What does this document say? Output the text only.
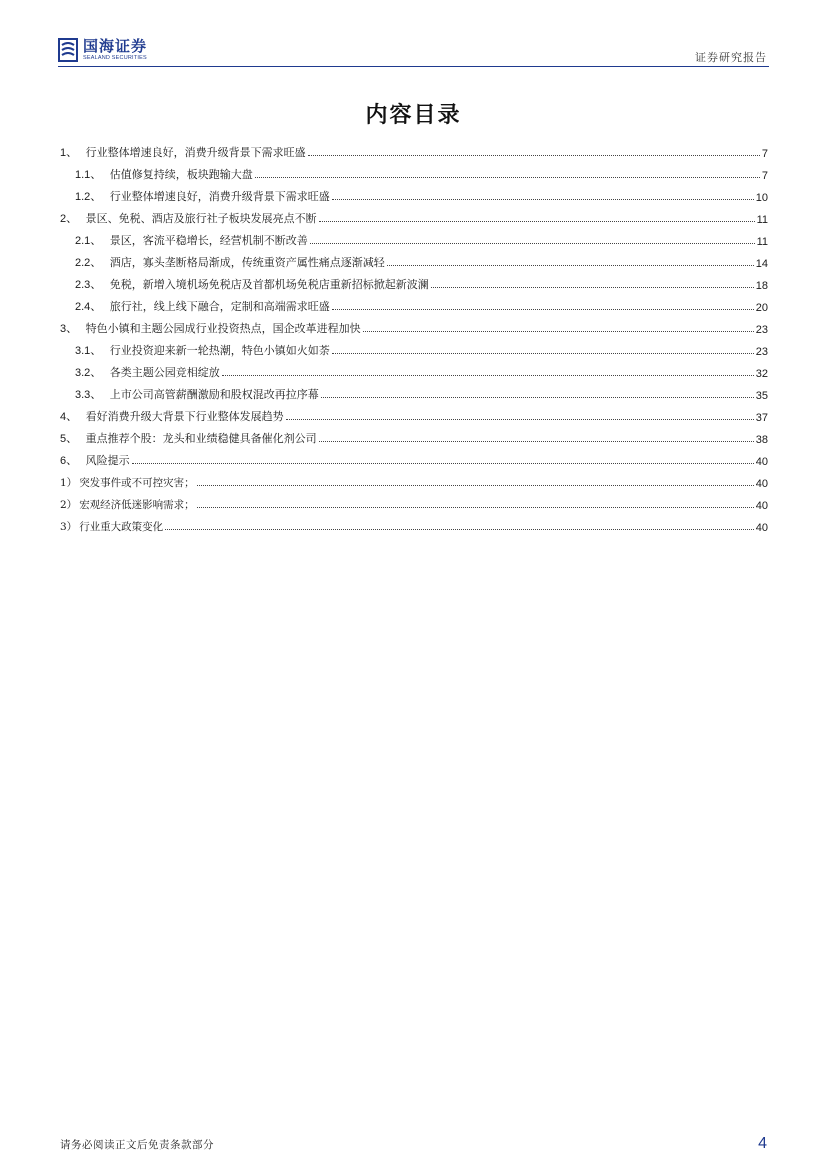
国海证券
SEALAND SECURITIES	证券研究报告
内容目录
1 、 行业整体增速良好，消费升级背景下需求旺盛	7
1.1 、 估值修复持续，板块跑输大盘	7
1.2 、 行业整体增速良好，消费升级背景下需求旺盛	10
2 、 景区、免税、酒店及旅行社子板块发展亮点不断	11
2.1 、 景区，客流平稳增长，经营机制不断改善	11
2.2 、 酒店，寡头垄断格局渐成，传统重资产属性痛点逐渐减轻	14
2.3 、 免税，新增入境机场免税店及首都机场免税店重新招标掀起新波澜	18
2.4 、 旅行社，线上线下融合，定制和高端需求旺盛	20
3 、 特色小镇和主题公园成行业投资热点，国企改革进程加快	23
3.1 、 行业投资迎来新一轮热潮，特色小镇如火如荼	23
3.2 、 各类主题公园竞相绽放	32
3.3 、 上市公司高管薪酬激励和股权混改再拉序幕	35
4 、 看好消费升级大背景下行业整体发展趋势	37
5 、 重点推荐个股：龙头和业绩稳健具备催化剂公司	38
6 、 风险提示	40
1） 突发事件或不可控灾害；	40
2） 宏观经济低迷影响需求；	40
3） 行业重大政策变化	40
请务必阅读正文后免责条款部分	4
